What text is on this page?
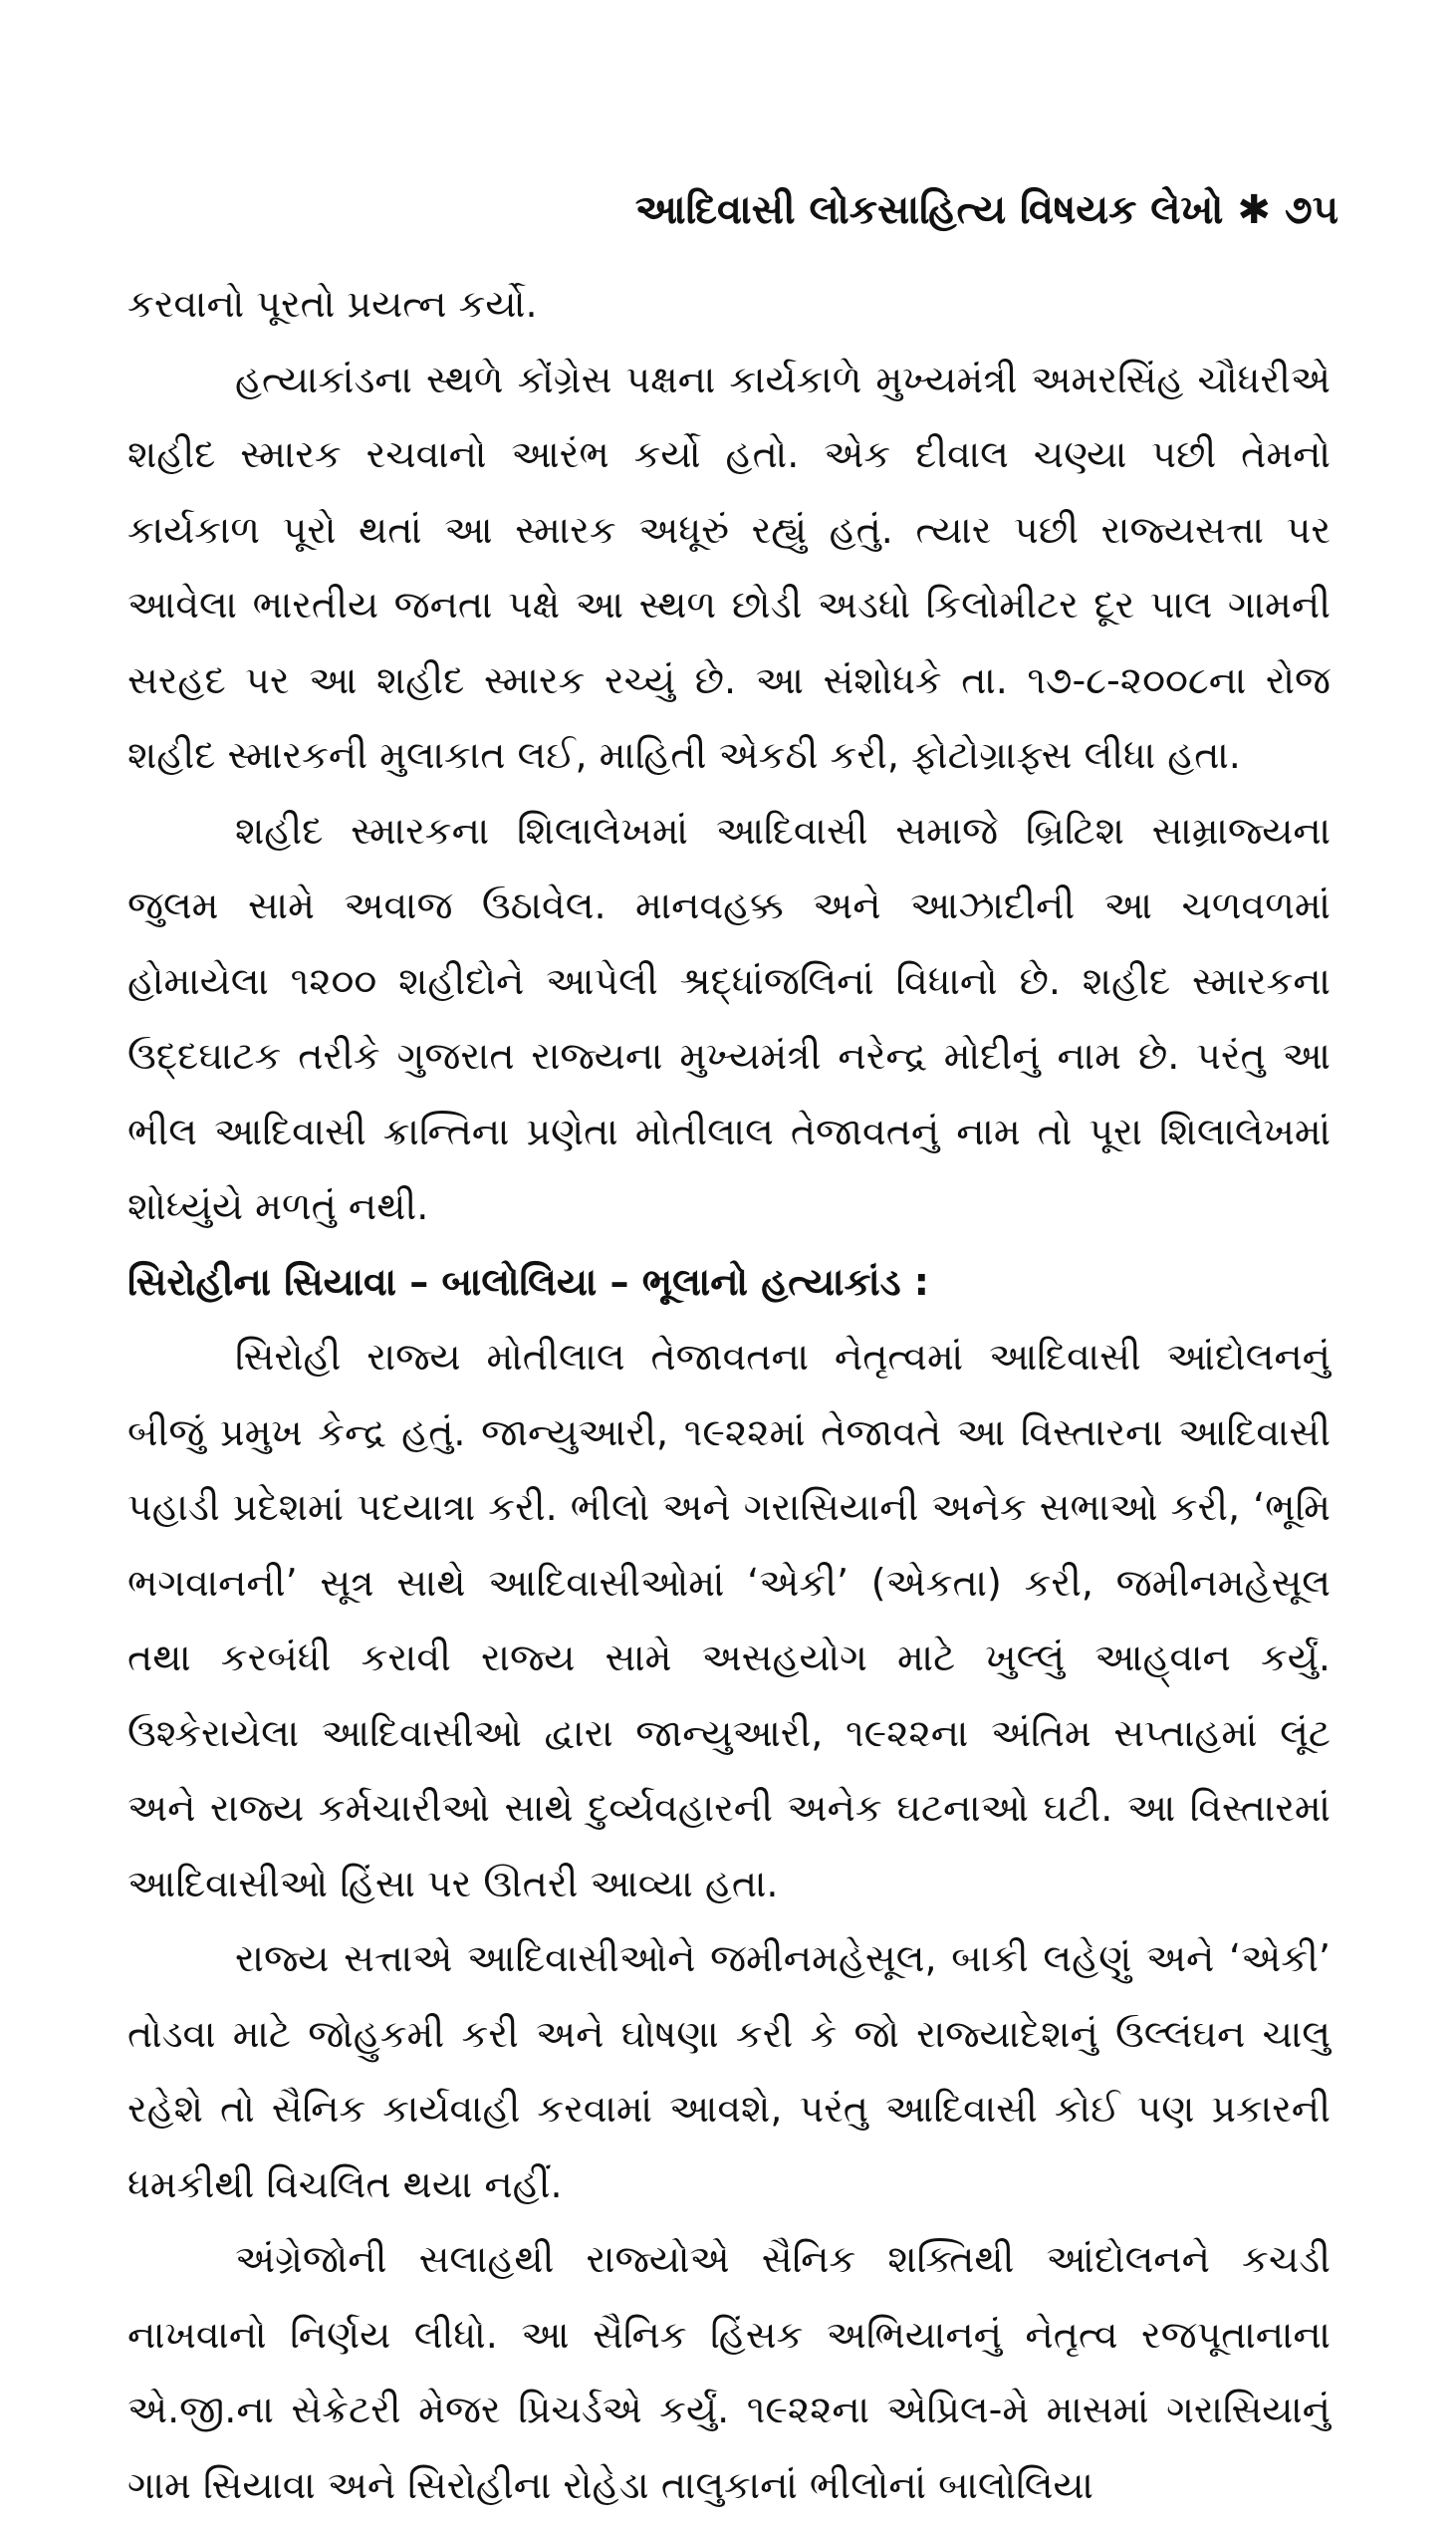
આદિવાસી લોકસાહિત્ય વિષયક લેખો ✱ ૭૫

કરવાનો પૂરતો પ્રયત્ન કર્યો.

હત્યાકાંડના સ્થળે કોંગ્રેસ પક્ષના કાર્યકાળે મુખ્યમંત્રી અમરસિંહ ચૌધરીએ શહીદ સ્મારક રચવાનો આરંભ કર્યો હતો. એક દીવાલ ચણ્યા પછી તેમનો કાર્યકાળ પૂરો થતાં આ સ્મારક અધૂરું રહ્યું હતું. ત્યાર પછી રાજ્યસત્તા પર આવેલા ભારતીય જનતા પક્ષે આ સ્થળ છોડી અડધો કિલોમીટર દૂર પાલ ગામની સરહદ પર આ શહીદ સ્મારક રચ્યું છે. આ સંશોધકે તા. ૧૭-૮-૨૦૦૮ના રોજ શહીદ સ્મારકની મુલાકાત લઈ, માહિતી એકઠી કરી, ફોટોગ્રાફ્સ લીધા હતા.

શહીદ સ્મારકના શિલાલેખમાં આદિવાસી સમાજે બ્રિટિશ સામ્રાજ્યના જુલમ સામે અવાજ ઉઠાવેલ. માનવહક્ક અને આઝાદીની આ ચળવળમાં હોમાયેલા ૧૨૦૦ શહીદોને આપેલી શ્રદ્ધાંજલિનાં વિધાનો છે. શહીદ સ્મારકના ઉદ્દઘાટક તરીકે ગુજરાત રાજ્યના મુખ્યમંત્રી નરેન્દ્ર મોદીનું નામ છે. પરંતુ આ ભીલ આદિવાસી ક્રાન્તિના પ્રણેતા મોતીલાલ તેજાવતનું નામ તો પૂરા શિલાલેખમાં શોધ્યુંયે મળતું નથી.

સિરોહીના સિયાવા – બાલોલિયા – ભૂલાનો હત્યાકાંડ :

સિરોહી રાજ્ય મોતીલાલ તેજાવતના નેતૃત્વમાં આદિવાસી આંદોલનનું બીજું પ્રમુખ કેન્દ્ર હતું. જાન્યુઆરી, ૧૯૨૨માં તેજાવતે આ વિસ્તારના આદિવાસી પહાડી પ્રદેશમાં પદયાત્રા કરી. ભીલો અને ગરાસિયાની અનેક સભાઓ કરી, ‘ભૂમિ ભગવાનની’ સૂત્ર સાથે આદિવાસીઓમાં ‘એકી’ (એકતા) કરી, જમીનમહેસૂલ તથા કરબંધી કરાવી રાજ્ય સામે અસહયોગ માટે ખુલ્લું આહ્‌વાન કર્યું. ઉશ્કેરાયેલા આદિવાસીઓ દ્વારા જાન્યુઆરી, ૧૯૨૨ના અંતિમ સપ્તાહમાં લૂંટ અને રાજ્ય કર્મચારીઓ સાથે દુર્વ્યવહારની અનેક ઘટનાઓ ઘટી. આ વિસ્તારમાં આદિવાસીઓ હિંસા પર ઊતરી આવ્યા હતા.

રાજ્ય સત્તાએ આદિવાસીઓને જમીનમહેસૂલ, બાકી લહેણું અને ‘એકી’ તોડવા માટે જોહુકમી કરી અને ઘોષણા કરી કે જો રાજ્યાદેશનું ઉલ્લંઘન ચાલુ રહેશે તો સૈનિક કાર્યવાહી કરવામાં આવશે, પરંતુ આદિવાસી કોઈ પણ પ્રકારની ધમકીથી વિચલિત થયા નહીં.

અંગ્રેજોની સલાહથી રાજ્યોએ સૈનિક શક્તિથી આંદોલનને કચડી નાખવાનો નિર્ણય લીધો. આ સૈનિક હિંસક અભિયાનનું નેતૃત્વ રજપૂતાનાના એ.જી.ના સેક્રેટરી મેજર પ્રિચર્ડએ કર્યું. ૧૯૨૨ના એપ્રિલ-મે માસમાં ગરાસિયાનું ગામ સિયાવા અને સિરોહીના રોહેડા તાલુકાનાં ભીલોનાં બાલોલિયા
